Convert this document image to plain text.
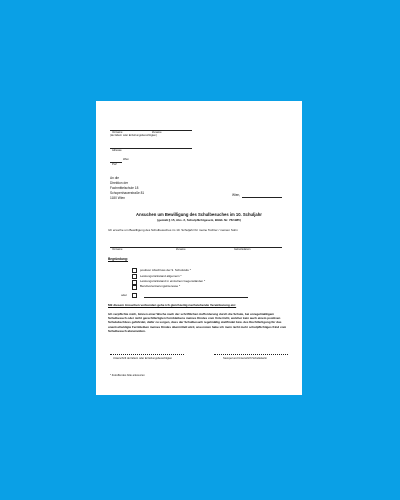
Vorname	Zuname
(der Eltern oder Erziehungsberechtigten)
Adresse
Wien
PLZ
An die
Direktion der
Fachmittelschule 18
Schopenhauerstraße 81
1180 Wien
Wien,
Ansuchen um Bewilligung des Schulbesuches im 10. Schuljahr
(gemäß § 15, Abs. 2, Schulpflichtgesetz, BGBL Nr. 76/1985)
Ich ersuche um Bewilligung des Schulbesuches im 10. Schuljahr für meine Tochter / meinen Sohn
Vorname	Zuname	Geburtsdatum
Begründung:
positiver Abschluss der 9. Schulstufe *
Leistungsrückstand allgemein *
Leistungsrückstand in einzelnen Gegenständen *
Berufsorientierungsinteresse *
oder
Mit diesem Ansuchen verbunden gehe ich gleichzeitig nachstehende Vereinbarung ein:
Ich verpflichte mich, binnen einer Woche nach der schriftlichen Aufforderung durch die Schule, bei unregelmäßigem Schulbesuch oder nicht gerechtfertigten Fernbleibens meines Kindes vom Unterricht, welcher kein auch einem positiven Schulabschluss gefährdet, dafür zu sorgen, dass der Schulbesuch regelmäßig stattfindet bzw. des Rechtfertigung für das unentschuldigte Fernbleiben meines Kindes übermittelt wird, ansonsten habe ich mein nicht mehr schulpflichtiges Kind vom Schulbesuch abzumelden.
Unterschrift der Eltern oder Erziehungsberechtigten	Stempel und Unterschrift Schulleitertin
* Zutreffendes bitte ankreuzen
